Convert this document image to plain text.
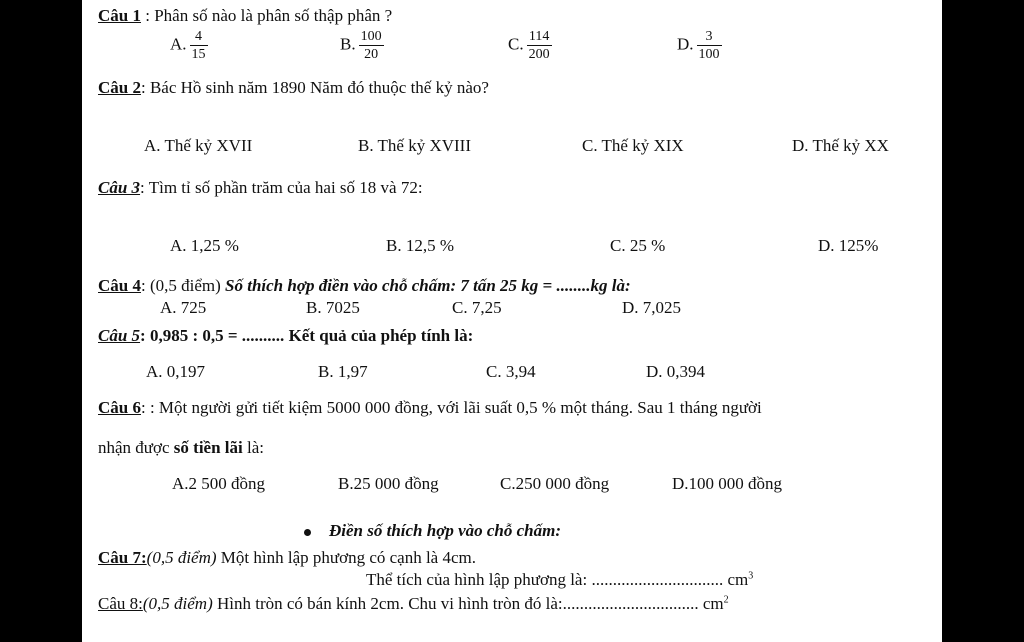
Câu 1 : Phân số nào là phân số thập phân ?
A. $\frac{4}{15}$	B. $\frac{100}{20}$	C. $\frac{114}{200}$	D. $\frac{3}{100}$
Câu 2: Bác Hồ sinh năm 1890 Năm đó thuộc thế kỷ nào?
A. Thế kỷ XVII	B. Thế kỷ XVIII	C. Thế kỷ XIX	D. Thế kỷ XX
Câu 3: Tìm tỉ số phần trăm của hai số 18 và 72:
A. 1,25 %	B. 12,5 %	C. 25 %	D. 125%
Câu 4: (0,5 điểm) Số thích hợp điền vào chỗ chấm: 7 tấn 25 kg = ........kg là:
A. 725	B. 7025	C. 7,25	D. 7,025
Câu 5: 0,985 : 0,5 = .......... Kết quả của phép tính là:
A. 0,197	B. 1,97	C. 3,94	D. 0,394
Câu 6: : Một người gửi tiết kiệm 5000 000 đồng, với lãi suất 0,5 % một tháng. Sau 1 tháng người
nhận được số tiền lãi là:
A.2 500 đồng	B.25 000 đồng	C.250 000 đồng	D.100 000 đồng
Điền số thích hợp vào chỗ chấm:
Câu 7:(0,5 điểm) Một hình lập phương có cạnh là 4cm.
Thể tích của hình lập phương là: ............................... $cm^3$
Câu 8:(0,5 điểm) Hình tròn có bán kính 2cm. Chu vi hình tròn đó là:................................ $cm^2$
